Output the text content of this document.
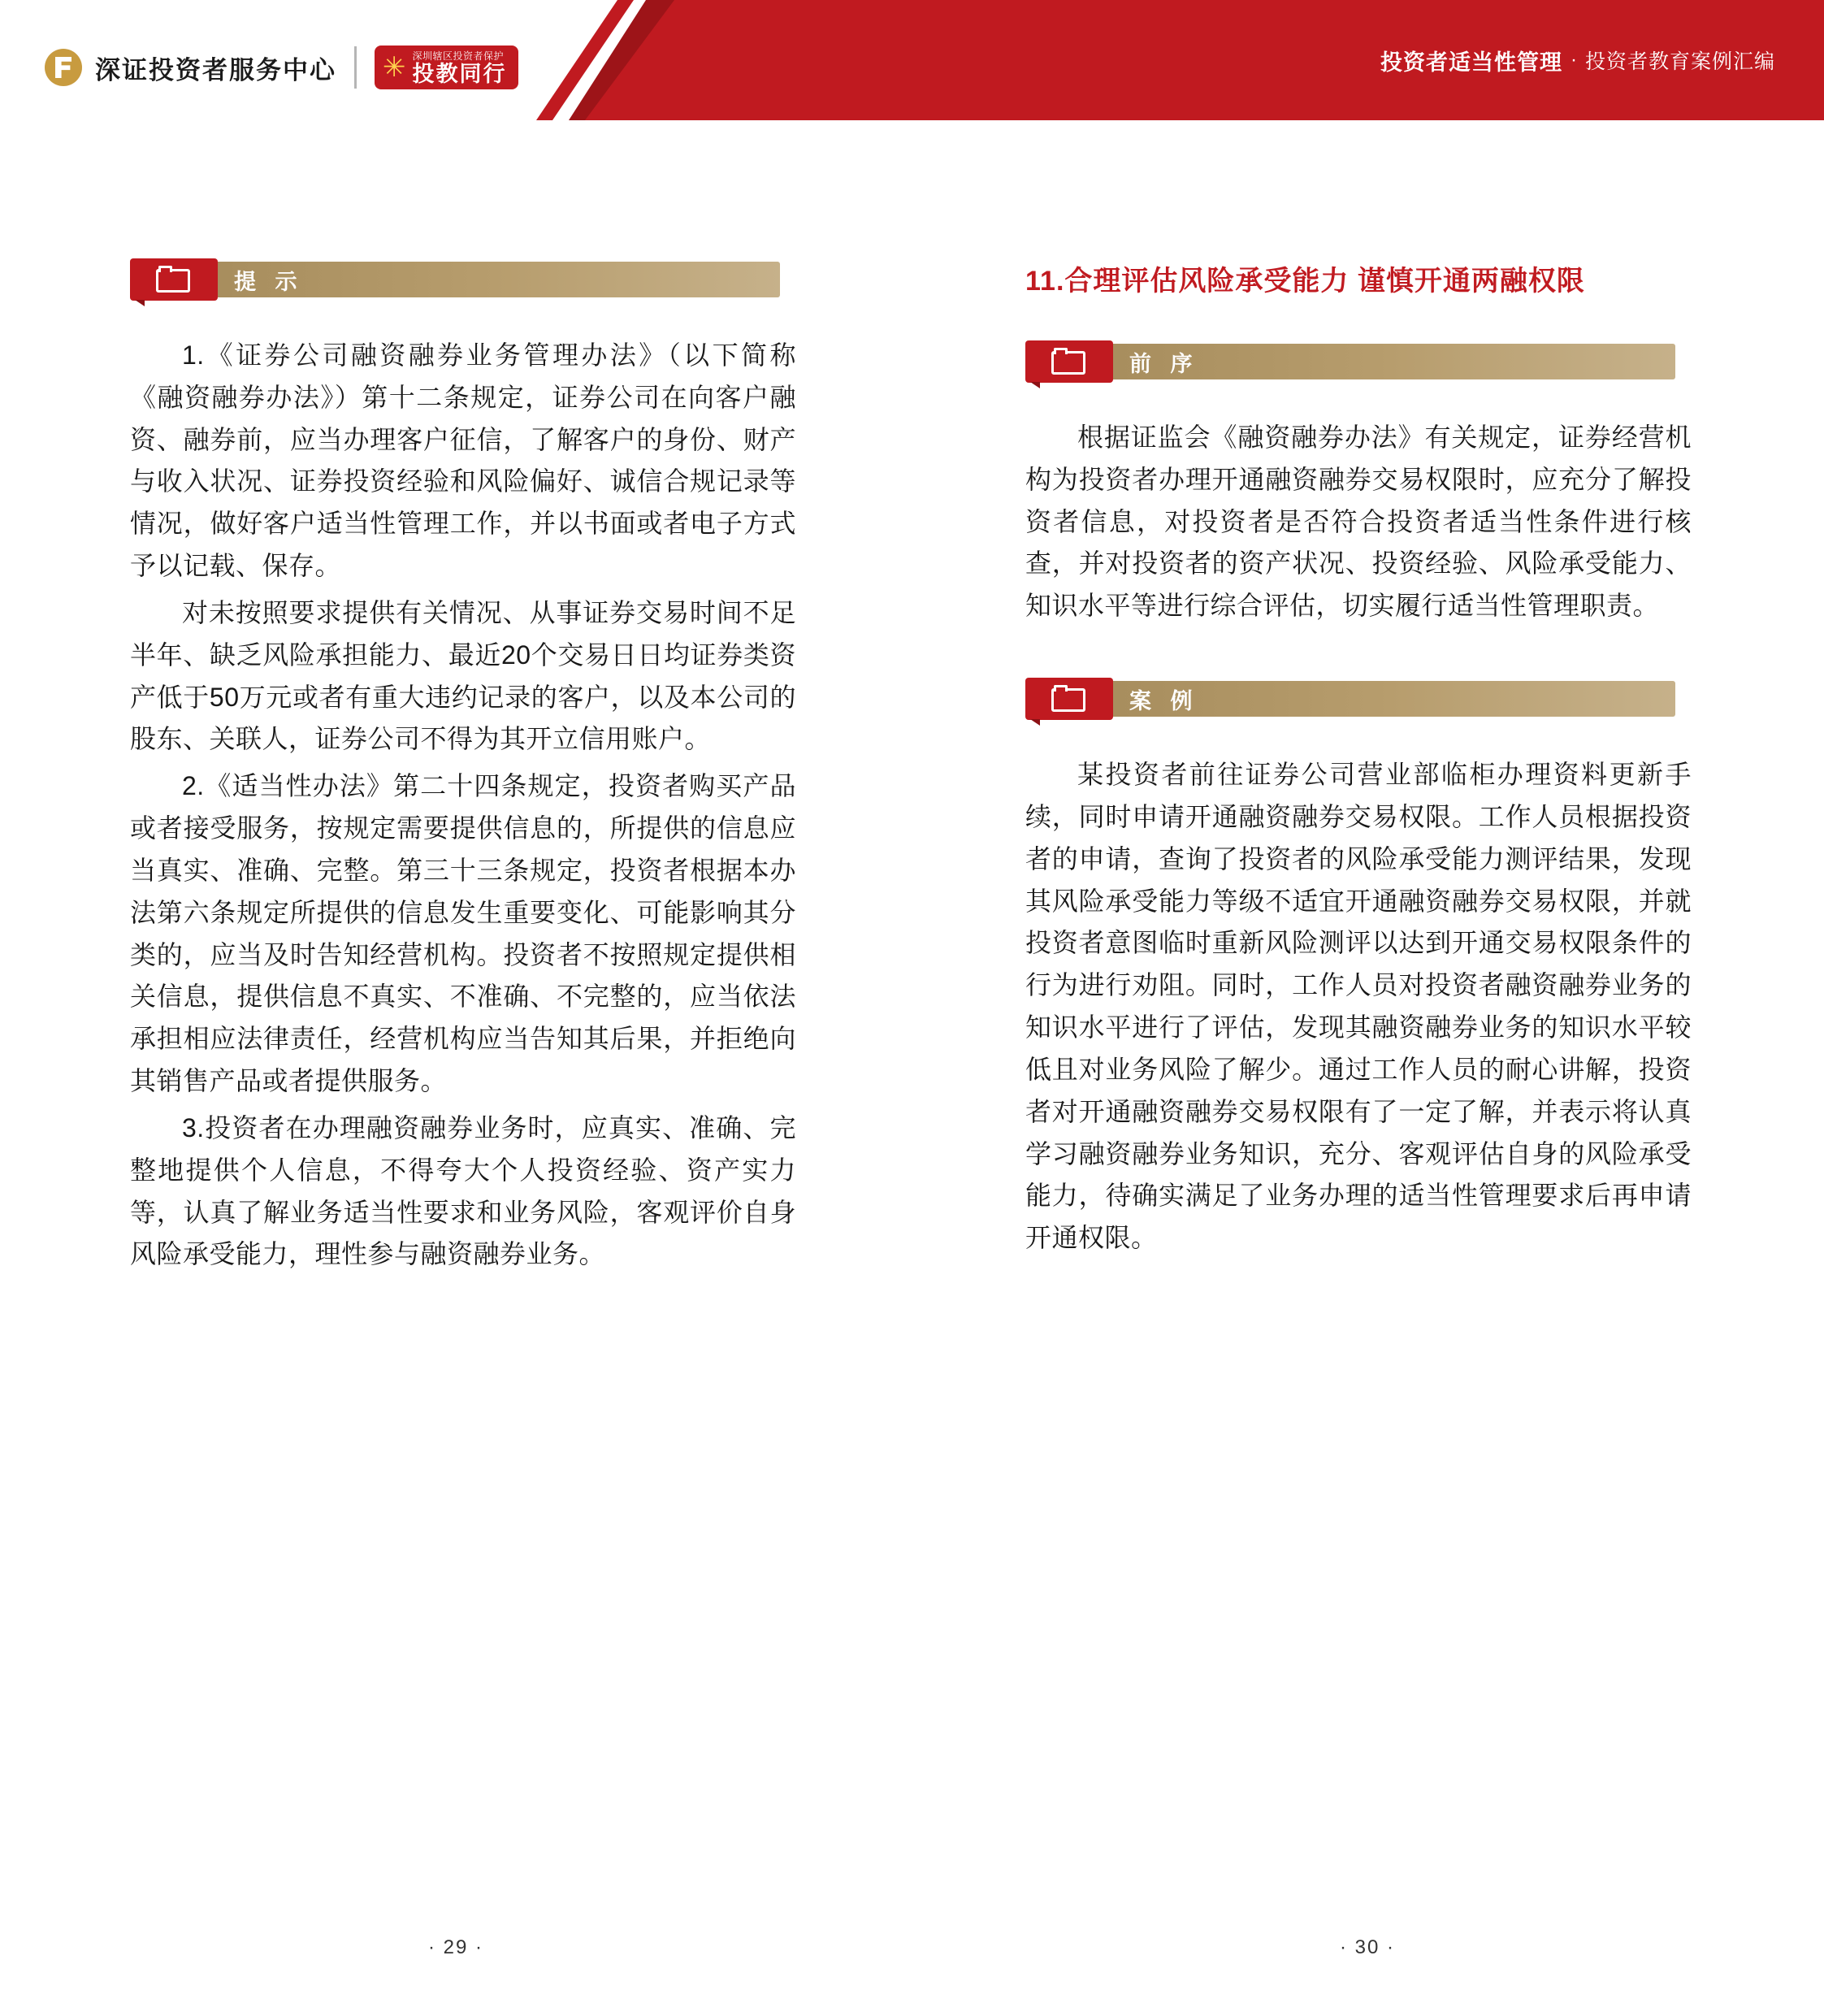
深证投资者服务中心 ✳ 深圳辖区投资者保护
投教同行	投资者适当性管理 · 投资者教育案例汇编
提 示

1.《证券公司融资融券业务管理办法》（以下简称《融资融券办法》）第十二条规定，证券公司在向客户融资、融券前，应当办理客户征信，了解客户的身份、财产与收入状况、证券投资经验和风险偏好、诚信合规记录等情况，做好客户适当性管理工作，并以书面或者电子方式予以记载、保存。

对未按照要求提供有关情况、从事证券交易时间不足半年、缺乏风险承担能力、最近20个交易日日均证券类资产低于50万元或者有重大违约记录的客户，以及本公司的股东、关联人，证券公司不得为其开立信用账户。

2.《适当性办法》第二十四条规定，投资者购买产品或者接受服务，按规定需要提供信息的，所提供的信息应当真实、准确、完整。第三十三条规定，投资者根据本办法第六条规定所提供的信息发生重要变化、可能影响其分类的，应当及时告知经营机构。投资者不按照规定提供相关信息，提供信息不真实、不准确、不完整的，应当依法承担相应法律责任，经营机构应当告知其后果，并拒绝向其销售产品或者提供服务。

3.投资者在办理融资融券业务时，应真实、准确、完整地提供个人信息，不得夸大个人投资经验、资产实力等，认真了解业务适当性要求和业务风险，客观评价自身风险承受能力，理性参与融资融券业务。

· 29 ·
11.合理评估风险承受能力 谨慎开通两融权限
前 序

根据证监会《融资融券办法》有关规定，证券经营机构为投资者办理开通融资融券交易权限时，应充分了解投资者信息，对投资者是否符合投资者适当性条件进行核查，并对投资者的资产状况、投资经验、风险承受能力、知识水平等进行综合评估，切实履行适当性管理职责。

案 例

某投资者前往证券公司营业部临柜办理资料更新手续，同时申请开通融资融券交易权限。工作人员根据投资者的申请，查询了投资者的风险承受能力测评结果，发现其风险承受能力等级不适宜开通融资融券交易权限，并就投资者意图临时重新风险测评以达到开通交易权限条件的行为进行劝阻。同时，工作人员对投资者融资融券业务的知识水平进行了评估，发现其融资融券业务的知识水平较低且对业务风险了解少。通过工作人员的耐心讲解，投资者对开通融资融券交易权限有了一定了解，并表示将认真学习融资融券业务知识，充分、客观评估自身的风险承受能力，待确实满足了业务办理的适当性管理要求后再申请开通权限。

· 30 ·
